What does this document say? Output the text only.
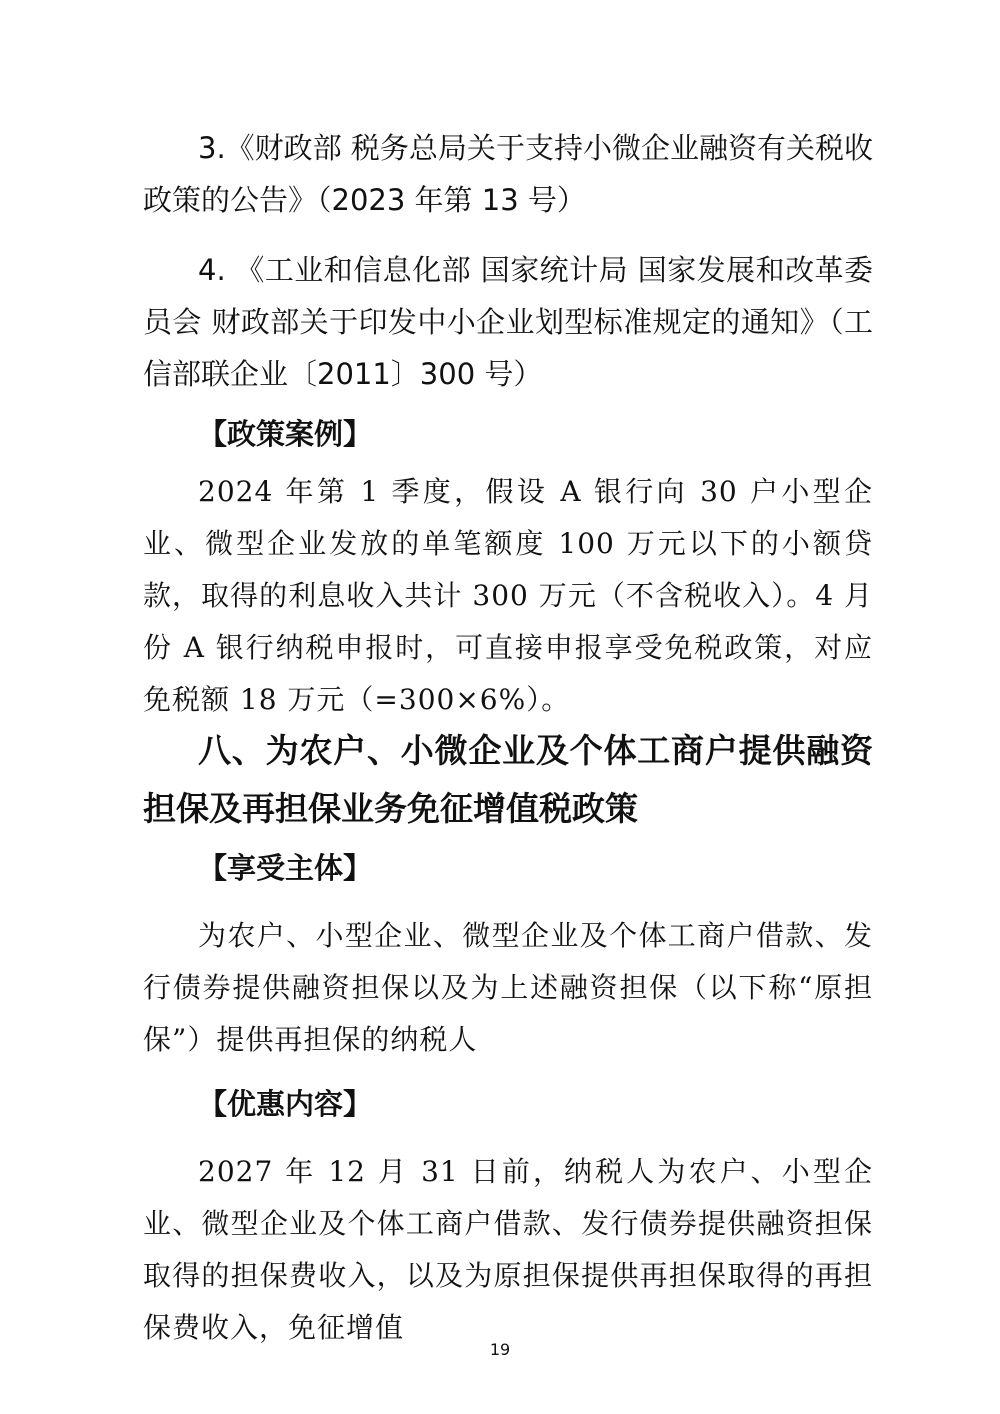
3.《财政部 税务总局关于支持小微企业融资有关税收政策的公告》（2023 年第 13 号）

4. 《工业和信息化部 国家统计局 国家发展和改革委员会 财政部关于印发中小企业划型标准规定的通知》（工信部联企业〔2011〕300 号）

【政策案例】

2024 年第 1 季度，假设 A 银行向 30 户小型企业、微型企业发放的单笔额度 100 万元以下的小额贷款，取得的利息收入共计 300 万元（不含税收入）。4 月份 A 银行纳税申报时，可直接申报享受免税政策，对应免税额 18 万元（=300×6%）。

八、为农户、小微企业及个体工商户提供融资担保及再担保业务免征增值税政策

【享受主体】

为农户、小型企业、微型企业及个体工商户借款、发行债券提供融资担保以及为上述融资担保（以下称“原担保”）提供再担保的纳税人

【优惠内容】

2027 年 12 月 31 日前，纳税人为农户、小型企业、微型企业及个体工商户借款、发行债券提供融资担保取得的担保费收入，以及为原担保提供再担保取得的再担保费收入，免征增值

19
